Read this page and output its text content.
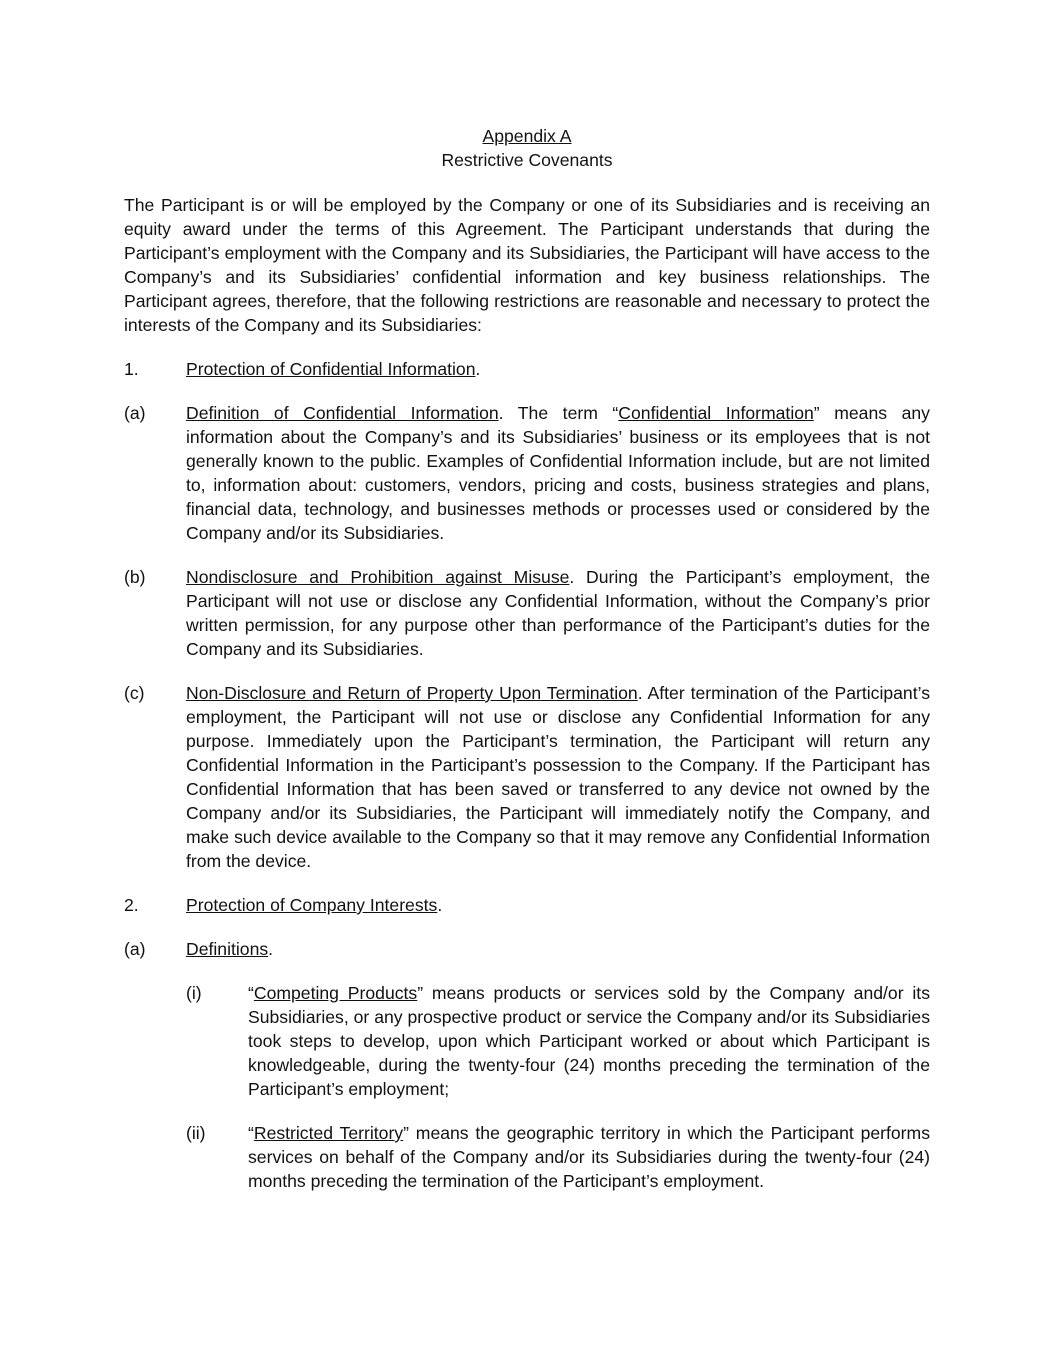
Appendix A
Restrictive Covenants

The Participant is or will be employed by the Company or one of its Subsidiaries and is receiving an equity award under the terms of this Agreement. The Participant understands that during the Participant’s employment with the Company and its Subsidiaries, the Participant will have access to the Company’s and its Subsidiaries’ confidential information and key business relationships. The Participant agrees, therefore, that the following restrictions are reasonable and necessary to protect the interests of the Company and its Subsidiaries:

1.	Protection of Confidential Information.
(a)	Definition of Confidential Information. The term “Confidential Information” means any information about the Company’s and its Subsidiaries’ business or its employees that is not generally known to the public. Examples of Confidential Information include, but are not limited to, information about: customers, vendors, pricing and costs, business strategies and plans, financial data, technology, and businesses methods or processes used or considered by the Company and/or its Subsidiaries.
(b)	Nondisclosure and Prohibition against Misuse. During the Participant’s employment, the Participant will not use or disclose any Confidential Information, without the Company’s prior written permission, for any purpose other than performance of the Participant’s duties for the Company and its Subsidiaries.
(c)	Non-Disclosure and Return of Property Upon Termination. After termination of the Participant’s employment, the Participant will not use or disclose any Confidential Information for any purpose. Immediately upon the Participant’s termination, the Participant will return any Confidential Information in the Participant’s possession to the Company. If the Participant has Confidential Information that has been saved or transferred to any device not owned by the Company and/or its Subsidiaries, the Participant will immediately notify the Company, and make such device available to the Company so that it may remove any Confidential Information from the device.
2.	Protection of Company Interests.
(a)	Definitions.
(i)	“Competing Products” means products or services sold by the Company and/or its Subsidiaries, or any prospective product or service the Company and/or its Subsidiaries took steps to develop, upon which Participant worked or about which Participant is knowledgeable, during the twenty-four (24) months preceding the termination of the Participant’s employment;
(ii)	“Restricted Territory” means the geographic territory in which the Participant performs services on behalf of the Company and/or its Subsidiaries during the twenty-four (24) months preceding the termination of the Participant’s employment.
